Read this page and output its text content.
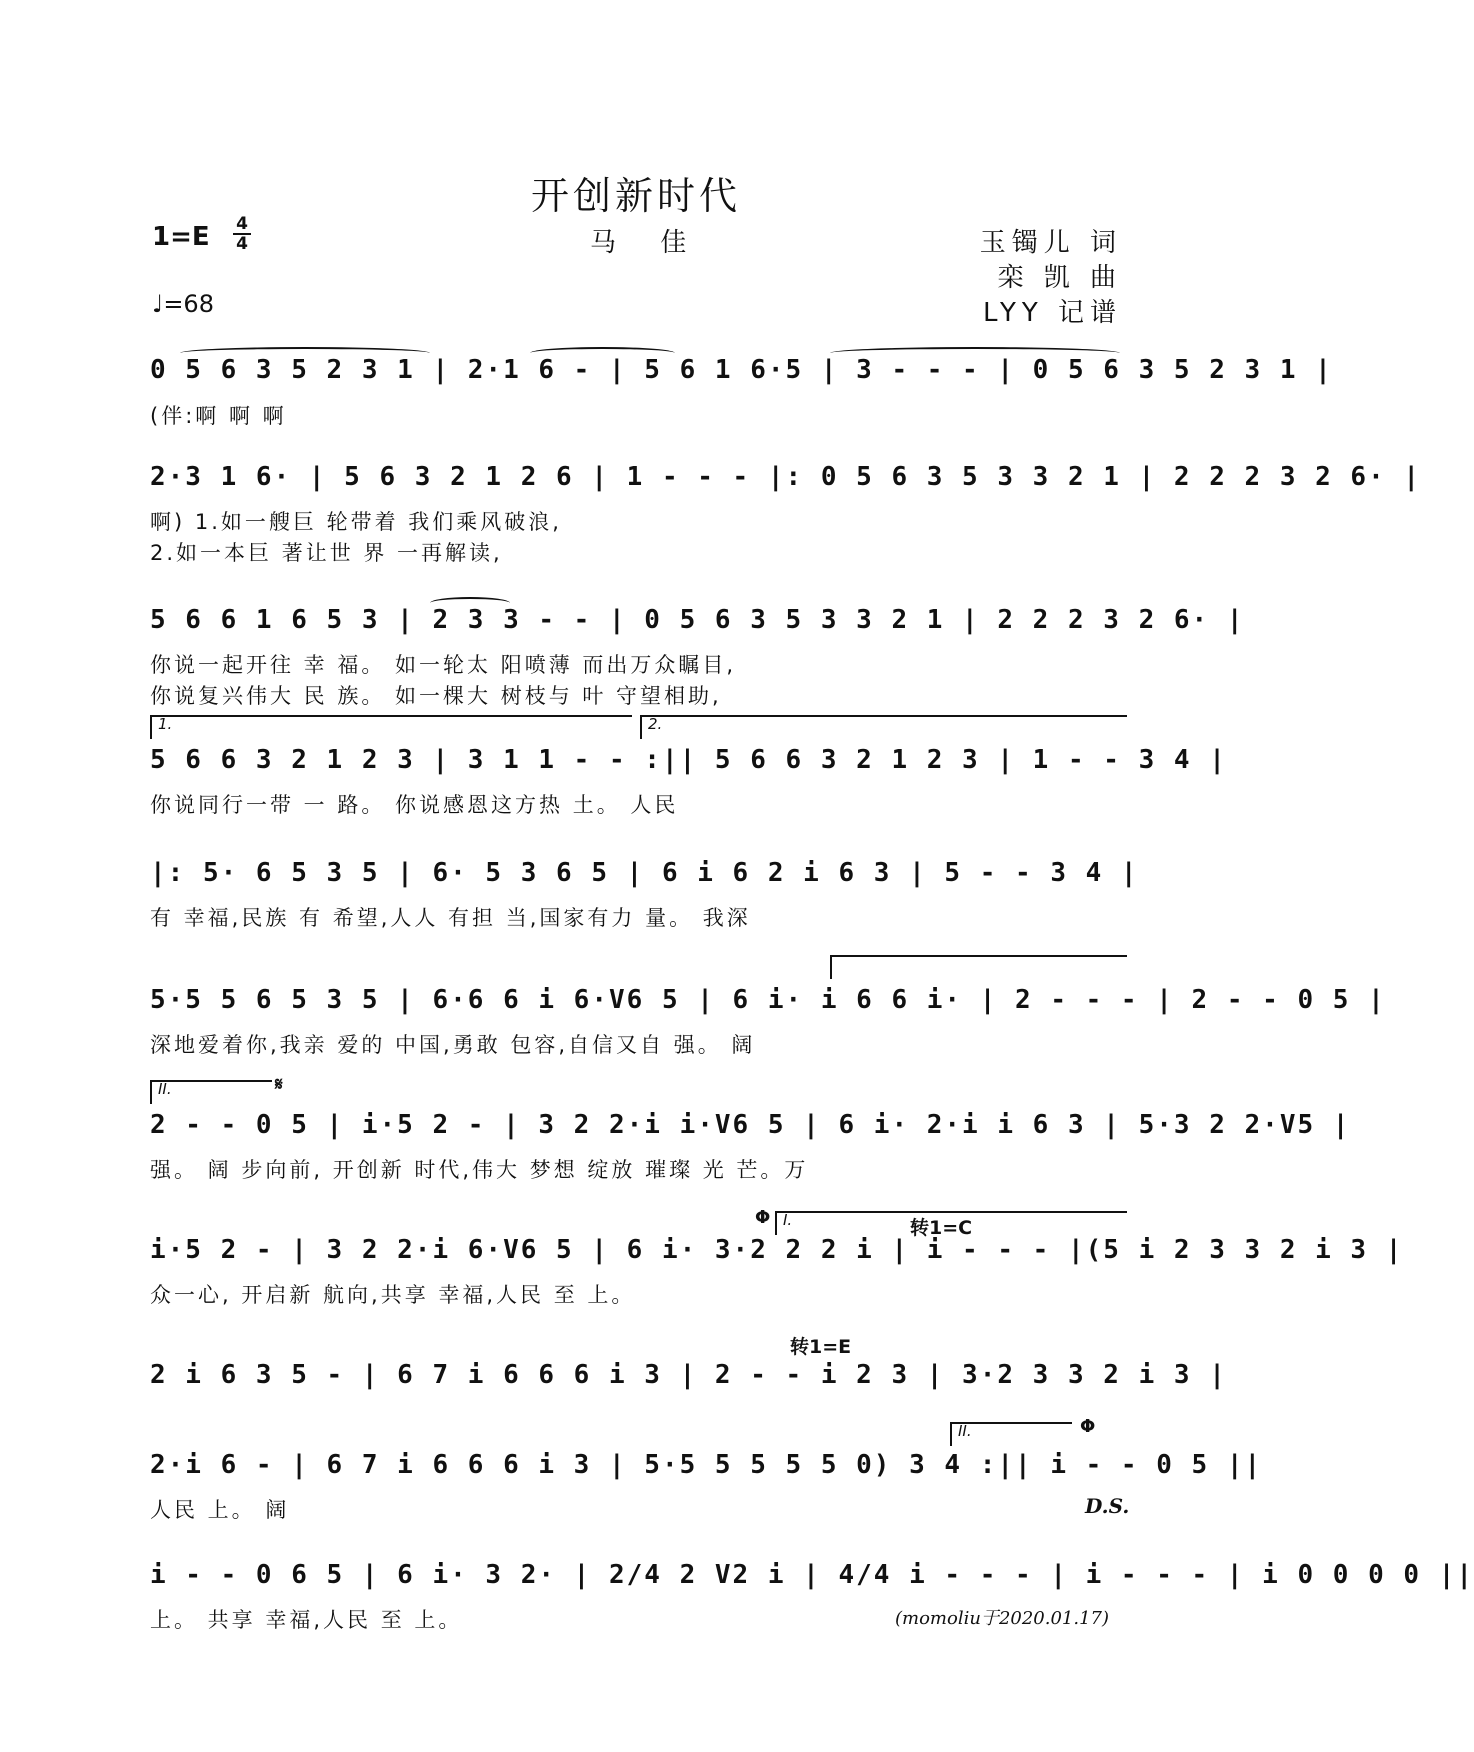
开创新时代
1=E 4
4	马 佳
♩=68
玉镯儿 词
栾 凯 曲
LYY 记谱
0 5 6 3 5 2 3 1 | 2·1 6 - | 5 6 1 6·5 | 3 - - - | 0 5 6 3 5 2 3 1 |
(伴:啊 啊 啊
2·3 1 6· | 5 6 3 2 1 2 6 | 1 - - - |: 0 5 6 3 5 3 3 2 1 | 2 2 2 3 2 6· |
啊) 1.如一艘巨 轮带着 我们乘风破浪,
2.如一本巨 著让世 界 一再解读,
5 6 6 1 6 5 3 | 2 3 3 - - | 0 5 6 3 5 3 3 2 1 | 2 2 2 3 2 6· |
你说一起开往 幸 福。 如一轮太 阳喷薄 而出万众瞩目,
你说复兴伟大 民 族。 如一棵大 树枝与 叶 守望相助,
1.	2.
5 6 6 3 2 1 2 3 | 3 1 1 - - :|| 5 6 6 3 2 1 2 3 | 1 - - 3 4 |
你说同行一带 一 路。 你说感恩这方热 土。 人民
|: 5· 6 5 3 5 | 6· 5 3 6 5 | 6 i 6 2 i 6 3 | 5 - - 3 4 |
有 幸福,民族 有 希望,人人 有担 当,国家有力 量。 我深
5·5 5 6 5 3 5 | 6·6 6 i 6·V6 5 | 6 i· i 6 6 i· | 2 - - - | 2 - - 0 5 |
深地爱着你,我亲 爱的 中国,勇敢 包容,自信又自 强。 阔
II.	𝄋
2 - - 0 5 | i·5 2 - | 3 2 2·i i·V6 5 | 6 i· 2·i i 6 3 | 5·3 2 2·V5 |
强。 阔 步向前, 开创新 时代,伟大 梦想 绽放 璀璨 光 芒。万
Φ I.	转1=C
i·5 2 - | 3 2 2·i 6·V6 5 | 6 i· 3·2 2 2 i | i - - - |(5 i 2 3 3 2 i 3 |
众一心, 开启新 航向,共享 幸福,人民 至 上。
转1=E
2 i 6 3 5 - | 6 7 i 6 6 6 i 3 | 2 - - i 2 3 | 3·2 3 3 2 i 3 |
II.	Φ
2·i 6 - | 6 7 i 6 6 6 i 3 | 5·5 5 5 5 5 0) 3 4 :|| i - - 0 5 ||
人民 上。 阔	D.S.
i - - 0 6 5 | 6 i· 3 2· | 2/4 2 V2 i | 4/4 i - - - | i - - - | i 0 0 0 0 ||
上。 共享 幸福,人民 至 上。	(momoliu于2020.01.17)
